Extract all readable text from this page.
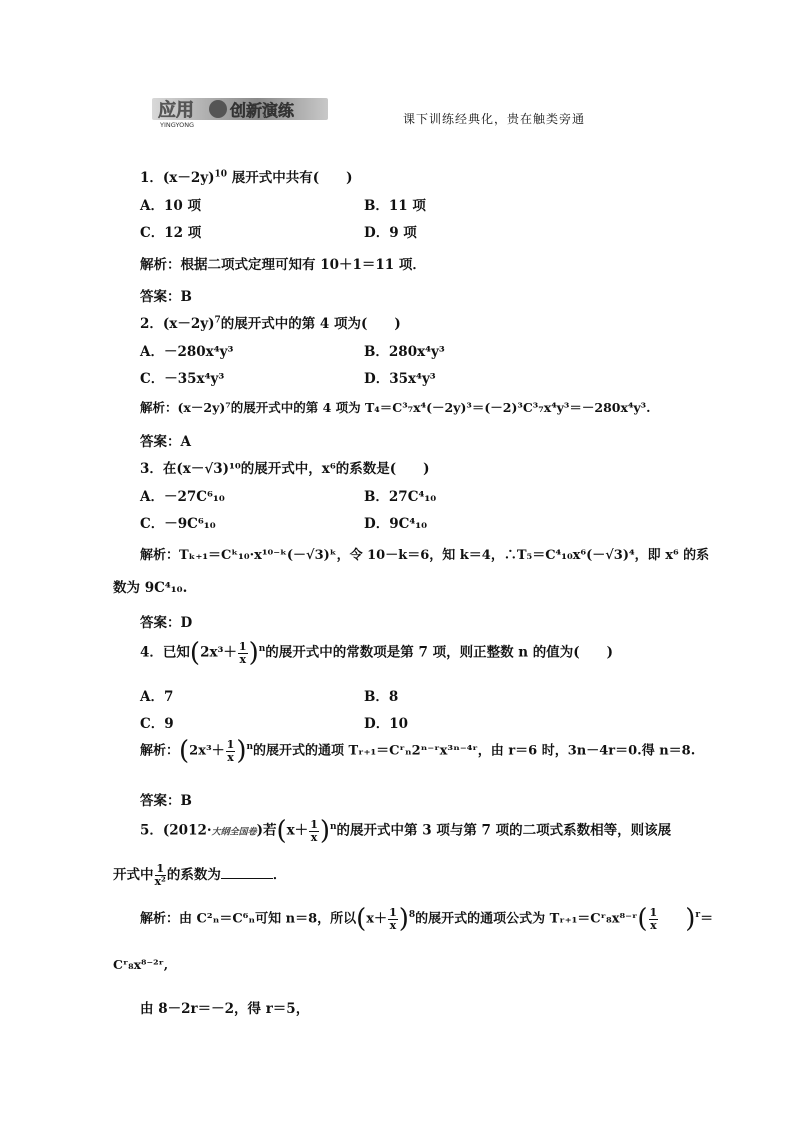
应用
YINGYONG
创新演练	课下训练经典化，贵在触类旁通
1．$(x-2y)^{10}$ 展开式中共有(　　)
A．10 项	B．11 项
C．12 项	D．9 项
解析：根据二项式定理可知有 10＋1＝11 项．
答案：B
2．$(x-2y)^7$的展开式中的第 4 项为(　　)
A．－280x⁴y³	B．280x⁴y³
C．－35x⁴y³	D．35x⁴y³
解析：(x－2y)⁷的展开式中的第 4 项为 T₄＝C³₇x⁴(－2y)³＝(－2)³C³₇x⁴y³＝－280x⁴y³.
答案：A
3．在(x－√3)¹⁰的展开式中，x⁶的系数是(　　)
A．－27C⁶₁₀	B．27C⁴₁₀
C．－9C⁶₁₀	D．9C⁴₁₀
解析：Tₖ₊₁＝Cᵏ₁₀·x¹⁰⁻ᵏ(－√3)ᵏ，令 10－k＝6，知 k＝4，∴T₅＝C⁴₁₀x⁶(－√3)⁴，即 x⁶ 的系
数为 9C⁴₁₀.
答案：D
4．已知$(2x^3+ \frac{1}{x} )^n$的展开式中的常数项是第 7 项，则正整数 n 的值为(　　)
A．7	B．8
C．9	D．10
解析：$(2x^3+ \frac{1}{x} )^n$的展开式的通项 Tᵣ₊₁＝Cʳₙ2ⁿ⁻ʳx³ⁿ⁻⁴ʳ，由 r＝6 时，3n－4r＝0.得 n＝8.
答案：B
5．(2012·大纲全国卷)若$(x+ \frac{1}{x} )^n$的展开式中第 3 项与第 7 项的二项式系数相等，则该展
开式中 $\frac{1}{\text{x²}}$ 的系数为	．
解析：由 C²ₙ＝C⁶ₙ可知 n＝8，所以$(x+ \frac{1}{x} )^8$的展开式的通项公式为 Tᵣ₊₁＝Cʳ₈x⁸⁻ʳ( $\frac{1}{x} )^r=$
Cʳ₈x⁸⁻²ʳ,
由 8－2r＝－2，得 r＝5，
